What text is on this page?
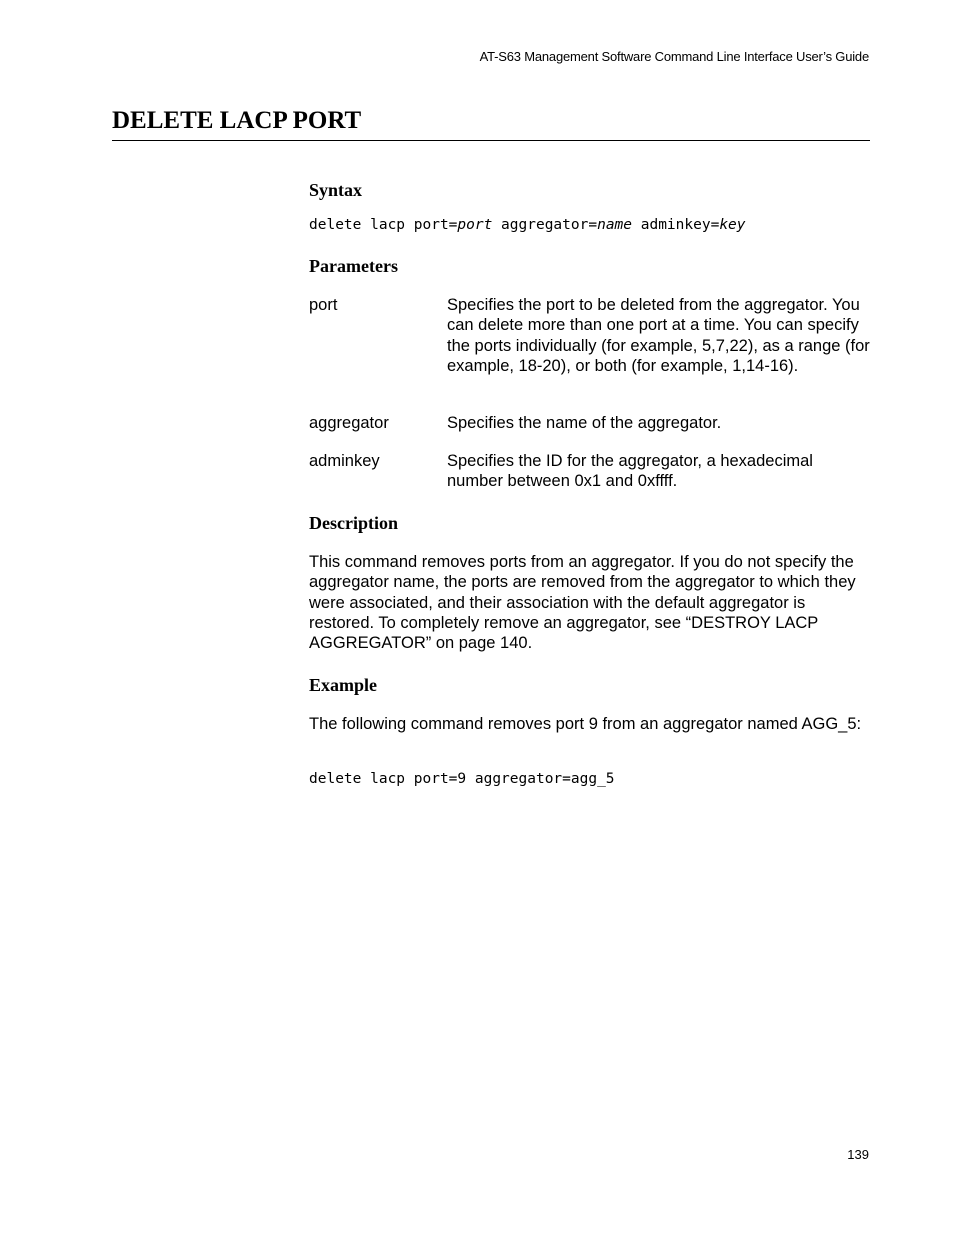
AT-S63 Management Software Command Line Interface User’s Guide
DELETE LACP PORT
Syntax
delete lacp port=port aggregator=name adminkey=key
Parameters
port	Specifies the port to be deleted from the aggregator. You can delete more than one port at a time. You can specify the ports individually (for example, 5,7,22), as a range (for example, 18-20), or both (for example, 1,14-16).
aggregator	Specifies the name of the aggregator.
adminkey	Specifies the ID for the aggregator, a hexadecimal number between 0x1 and 0xffff.
Description
This command removes ports from an aggregator. If you do not specify the aggregator name, the ports are removed from the aggregator to which they were associated, and their association with the default aggregator is restored. To completely remove an aggregator, see “DESTROY LACP AGGREGATOR” on page 140.
Example
The following command removes port 9 from an aggregator named AGG_5:
delete lacp port=9 aggregator=agg_5
139
